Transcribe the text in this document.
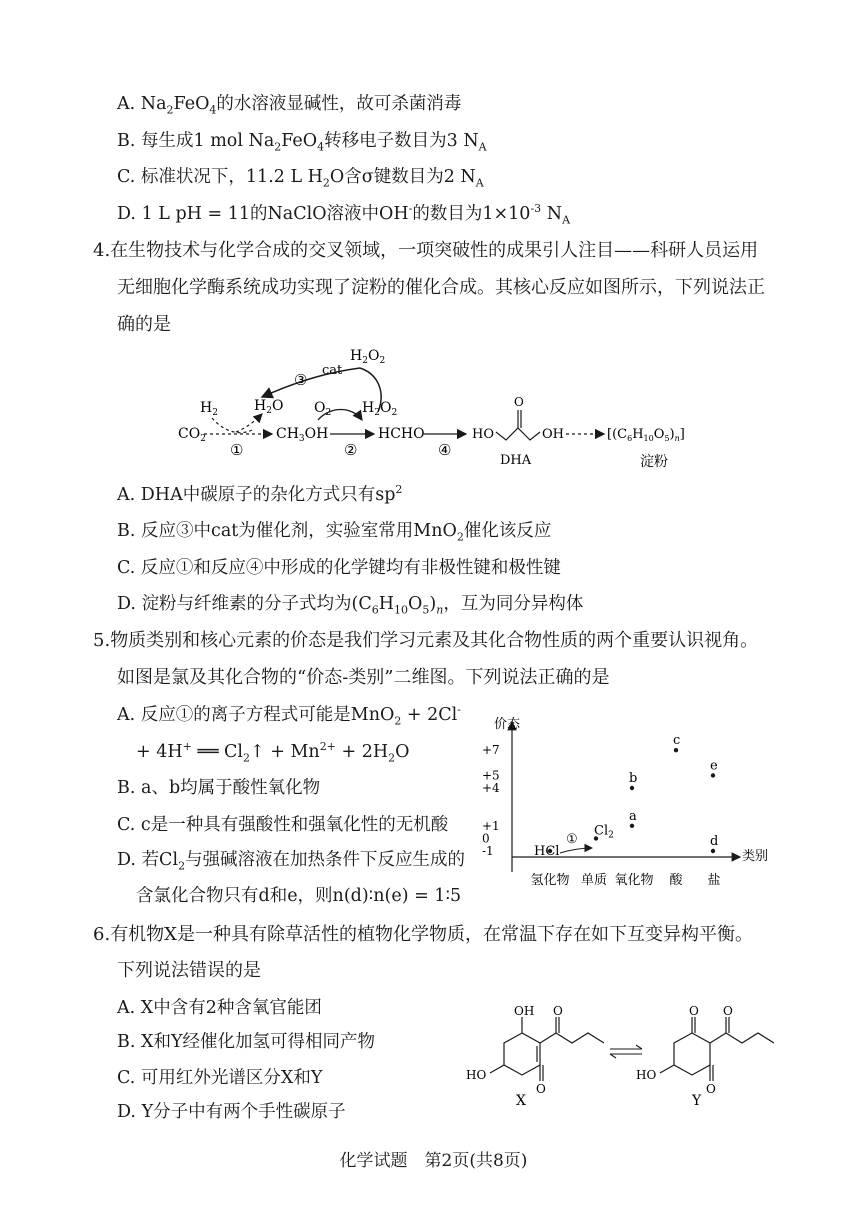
A. $Na_2FeO_4$的水溶液显碱性，故可杀菌消毒
B. 每生成1 mol $Na_2FeO_4$转移电子数目为3 $N_A$
C. 标准状况下，11.2 L $H_2O$含σ键数目为2 $N_A$
D. 1 L pH = 11的NaClO溶液中OH-的数目为$1\times 10^{-3}$ $N_A$
4.在生物技术与化学合成的交叉领域，一项突破性的成果引人注目——科研人员运用
无细胞化学酶系统成功实现了淀粉的催化合成。其核心反应如图所示，下列说法正
确的是
$H_2O_2$
cat
③
$H_2$	$H_2O$ $O_2$ $H_2O_2$
$CO_2$
①
$CH_3OH$
②
HCHO
④
HO
O
OH
DHA
$[(C_6H_{10}O_5)_n]$
淀粉
A. DHA中碳原子的杂化方式只有$sp^2$
B. 反应③中cat为催化剂，实验室常用MnO$_2$催化该反应
C. 反应①和反应④中形成的化学键均有非极性键和极性键
D. 淀粉与纤维素的分子式均为$(C_6H_{10}O_5)_n$，互为同分异构体
5.物质类别和核心元素的价态是我们学习元素及其化合物性质的两个重要认识视角。
如图是氯及其化合物的“价态-类别”二维图。下列说法正确的是
A. 反应①的离子方程式可能是MnO$_2$ + 2Cl-
+ 4H+ ══ $Cl_2↑ + Mn^{2+} + 2H_2O$
B. a、b均属于酸性氧化物
C. c是一种具有强酸性和强氧化性的无机酸
D. 若$Cl_2$与强碱溶液在加热条件下反应生成的
含氯化合物只有d和e，则n(d)∶n(e) = 1∶5
价态
类别
+7
+5
+4
+1
0
-1
氢化物 单质 氧化物 酸 盐
HCl
$Cl_2$
a
b
c
d
e
①
6.有机物X是一种具有除草活性的植物化学物质，在常温下存在如下互变异构平衡。
下列说法错误的是
A. X中含有2种含氧官能团
B. X和Y经催化加氢可得相同产物
C. 可用红外光谱区分X和Y
D. Y分子中有两个手性碳原子
OH O
O
HO
X
O O
O
HO
Y
化学试题　第2页(共8页)
